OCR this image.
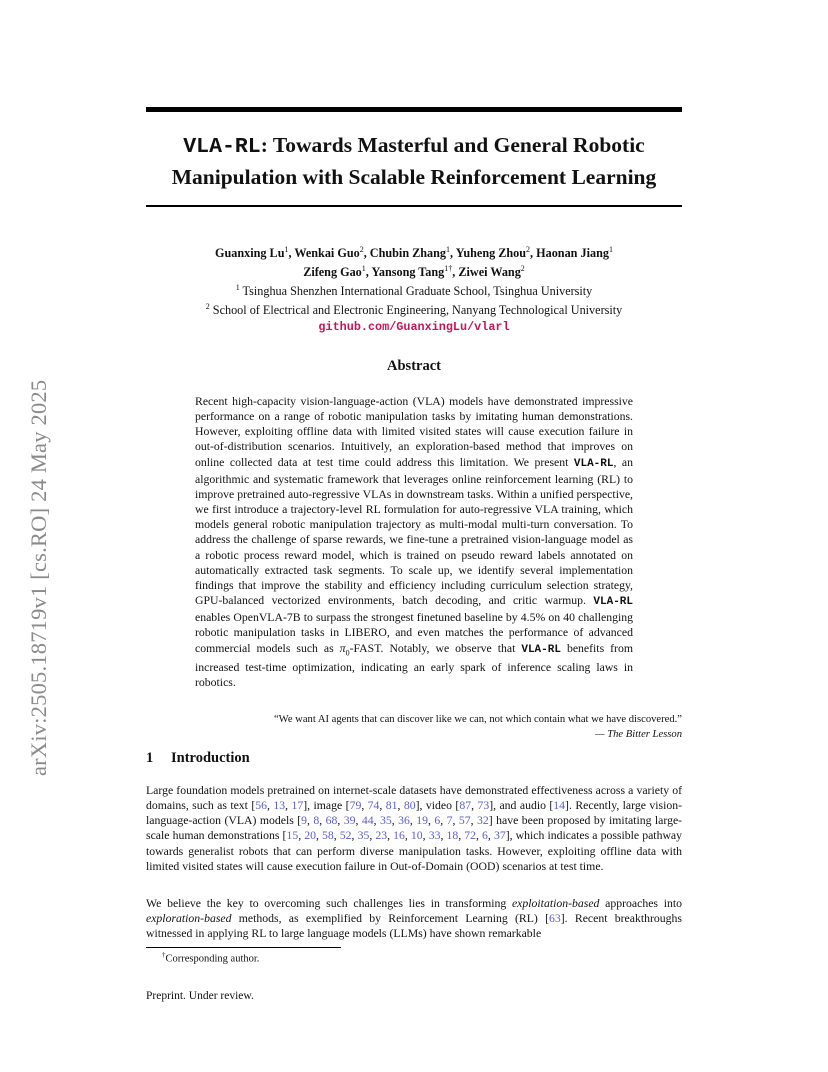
arXiv:2505.18719v1 [cs.RO] 24 May 2025
VLA-RL: Towards Masterful and General Robotic Manipulation with Scalable Reinforcement Learning
Guanxing Lu$^1$, Wenkai Guo$^2$, Chubin Zhang$^1$, Yuheng Zhou$^2$, Haonan Jiang$^1$
Zifeng Gao$^1$, Yansong Tang$^{1\dagger}$, Ziwei Wang$^2$
$^1$ Tsinghua Shenzhen International Graduate School, Tsinghua University
$^2$ School of Electrical and Electronic Engineering, Nanyang Technological University
github.com/GuanxingLu/vlarl
Abstract
Recent high-capacity vision-language-action (VLA) models have demonstrated impressive performance on a range of robotic manipulation tasks by imitating human demonstrations. However, exploiting offline data with limited visited states will cause execution failure in out-of-distribution scenarios. Intuitively, an exploration-based method that improves on online collected data at test time could address this limitation. We present VLA-RL, an algorithmic and systematic framework that leverages online reinforcement learning (RL) to improve pretrained auto-regressive VLAs in downstream tasks. Within a unified perspective, we first introduce a trajectory-level RL formulation for auto-regressive VLA training, which models general robotic manipulation trajectory as multi-modal multi-turn conversation. To address the challenge of sparse rewards, we fine-tune a pretrained vision-language model as a robotic process reward model, which is trained on pseudo reward labels annotated on automatically extracted task segments. To scale up, we identify several implementation findings that improve the stability and efficiency including curriculum selection strategy, GPU-balanced vectorized environments, batch decoding, and critic warmup. VLA-RL enables OpenVLA-7B to surpass the strongest finetuned baseline by 4.5% on 40 challenging robotic manipulation tasks in LIBERO, and even matches the performance of advanced commercial models such as $\pi_0$-FAST. Notably, we observe that VLA-RL benefits from increased test-time optimization, indicating an early spark of inference scaling laws in robotics.
“We want AI agents that can discover like we can, not which contain what we have discovered.”
— The Bitter Lesson
1 Introduction
Large foundation models pretrained on internet-scale datasets have demonstrated effectiveness across a variety of domains, such as text [56, 13, 17], image [79, 74, 81, 80], video [87, 73], and audio [14]. Recently, large vision-language-action (VLA) models [9, 8, 68, 39, 44, 35, 36, 19, 6, 7, 57, 32] have been proposed by imitating large-scale human demonstrations [15, 20, 58, 52, 35, 23, 16, 10, 33, 18, 72, 6, 37], which indicates a possible pathway towards generalist robots that can perform diverse manipulation tasks. However, exploiting offline data with limited visited states will cause execution failure in Out-of-Domain (OOD) scenarios at test time.
We believe the key to overcoming such challenges lies in transforming exploitation-based approaches into exploration-based methods, as exemplified by Reinforcement Learning (RL) [63]. Recent breakthroughs witnessed in applying RL to large language models (LLMs) have shown remarkable
†Corresponding author.
Preprint. Under review.
